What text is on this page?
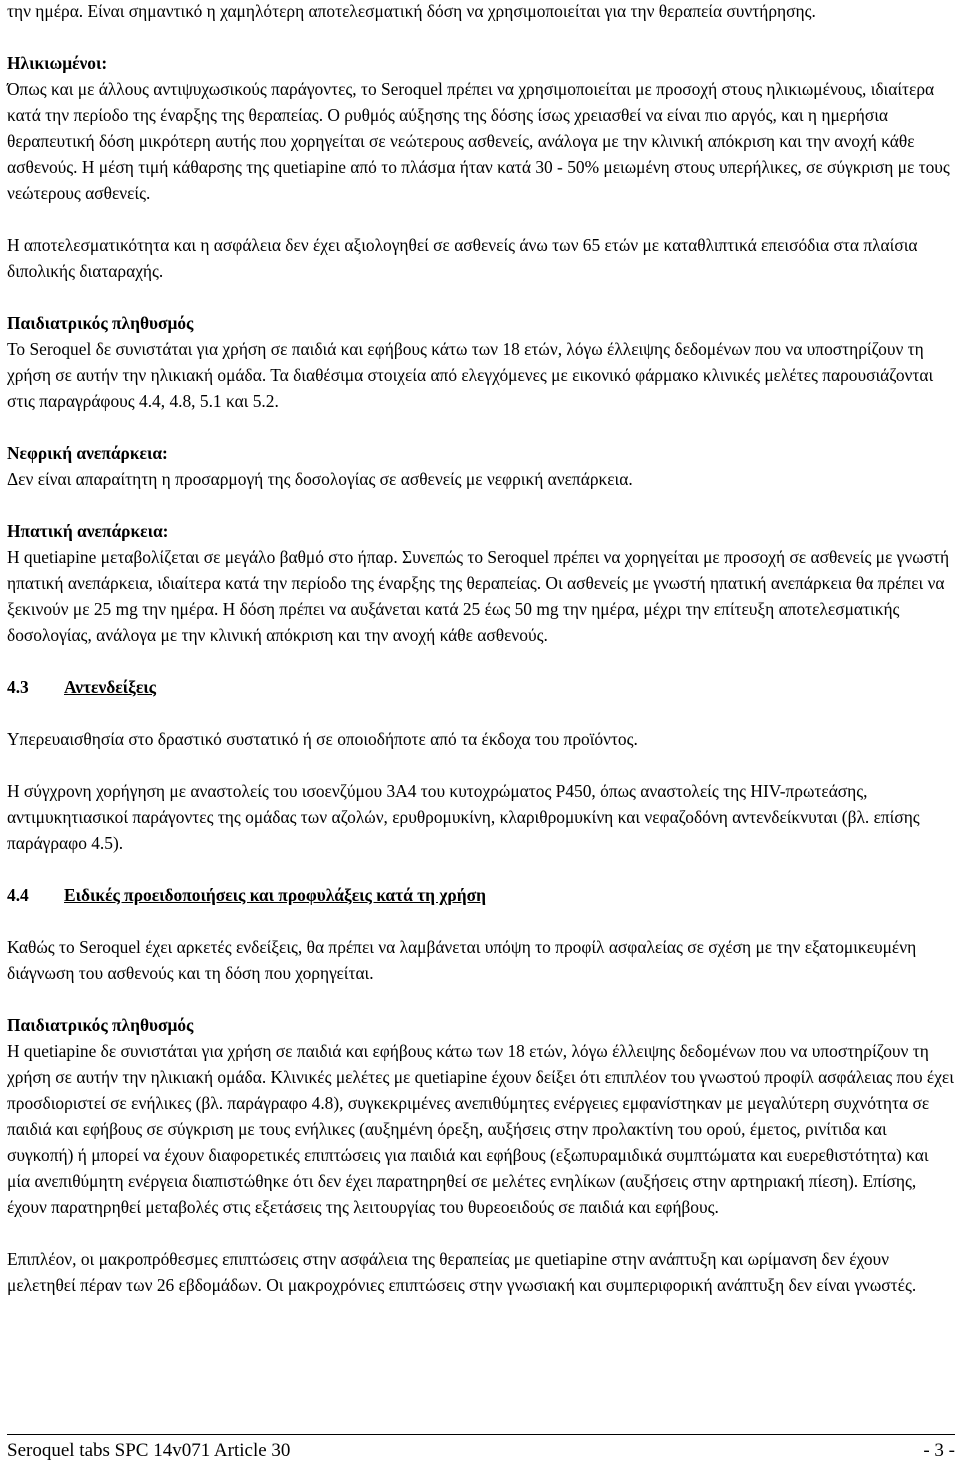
την ημέρα. Είναι σημαντικό η χαμηλότερη αποτελεσματική δόση να χρησιμοποιείται για την θεραπεία συντήρησης.

Ηλικιωμένοι:

Όπως και με άλλους αντιψυχωσικούς παράγοντες, το Seroquel πρέπει να χρησιμοποιείται με προσοχή στους ηλικιωμένους, ιδιαίτερα κατά την περίοδο της έναρξης της θεραπείας. Ο ρυθμός αύξησης της δόσης ίσως χρειασθεί να είναι πιο αργός, και η ημερήσια θεραπευτική δόση μικρότερη αυτής που χορηγείται σε νεώτερους ασθενείς, ανάλογα με την κλινική απόκριση και την ανοχή κάθε ασθενούς. Η μέση τιμή κάθαρσης της quetiapine από το πλάσμα ήταν κατά 30 - 50% μειωμένη στους υπερήλικες, σε σύγκριση με τους νεώτερους ασθενείς.

Η αποτελεσματικότητα και η ασφάλεια δεν έχει αξιολογηθεί σε ασθενείς άνω των 65 ετών με καταθλιπτικά επεισόδια στα πλαίσια διπολικής διαταραχής.

Παιδιατρικός πληθυσμός

Το Seroquel δε συνιστάται για χρήση σε παιδιά και εφήβους κάτω των 18 ετών, λόγω έλλειψης δεδομένων που να υποστηρίζουν τη χρήση σε αυτήν την ηλικιακή ομάδα. Τα διαθέσιμα στοιχεία από ελεγχόμενες με εικονικό φάρμακο κλινικές μελέτες παρουσιάζονται στις παραγράφους 4.4, 4.8, 5.1 και 5.2.

Νεφρική ανεπάρκεια:

Δεν είναι απαραίτητη η προσαρμογή της δοσολογίας σε ασθενείς με νεφρική ανεπάρκεια.

Ηπατική ανεπάρκεια:

Η quetiapine μεταβολίζεται σε μεγάλο βαθμό στο ήπαρ. Συνεπώς το Seroquel πρέπει να χορηγείται με προσοχή σε ασθενείς με γνωστή ηπατική ανεπάρκεια, ιδιαίτερα κατά την περίοδο της έναρξης της θεραπείας. Οι ασθενείς με γνωστή ηπατική ανεπάρκεια θα πρέπει να ξεκινούν με 25 mg την ημέρα. Η δόση πρέπει να αυξάνεται κατά 25 έως 50 mg την ημέρα, μέχρι την επίτευξη αποτελεσματικής δοσολογίας, ανάλογα με την κλινική απόκριση και την ανοχή κάθε ασθενούς.

4.3	Αντενδείξεις

Υπερευαισθησία στο δραστικό συστατικό ή σε οποιοδήποτε από τα έκδοχα του προϊόντος.

Η σύγχρονη χορήγηση με αναστολείς του ισοενζύμου 3Α4 του κυτοχρώματος P450, όπως αναστολείς της HIV-πρωτεάσης, αντιμυκητιασικοί παράγοντες της ομάδας των αζολών, ερυθρομυκίνη, κλαριθρομυκίνη και νεφαζοδόνη αντενδείκνυται (βλ. επίσης παράγραφο 4.5).

4.4	Ειδικές προειδοποιήσεις και προφυλάξεις κατά τη χρήση

Καθώς το Seroquel έχει αρκετές ενδείξεις, θα πρέπει να λαμβάνεται υπόψη το προφίλ ασφαλείας σε σχέση με την εξατομικευμένη διάγνωση του ασθενούς και τη δόση που χορηγείται.

Παιδιατρικός πληθυσμός

Η quetiapine δε συνιστάται για χρήση σε παιδιά και εφήβους κάτω των 18 ετών, λόγω έλλειψης δεδομένων που να υποστηρίζουν τη χρήση σε αυτήν την ηλικιακή ομάδα. Κλινικές μελέτες με quetiapine έχουν δείξει ότι επιπλέον του γνωστού προφίλ ασφάλειας που έχει προσδιοριστεί σε ενήλικες (βλ. παράγραφο 4.8), συγκεκριμένες ανεπιθύμητες ενέργειες εμφανίστηκαν με μεγαλύτερη συχνότητα σε παιδιά και εφήβους σε σύγκριση με τους ενήλικες (αυξημένη όρεξη, αυξήσεις στην προλακτίνη του ορού, έμετος, ρινίτιδα και συγκοπή) ή μπορεί να έχουν διαφορετικές επιπτώσεις για παιδιά και εφήβους (εξωπυραμιδικά συμπτώματα και ευερεθιστότητα) και μία ανεπιθύμητη ενέργεια διαπιστώθηκε ότι δεν έχει παρατηρηθεί σε μελέτες ενηλίκων (αυξήσεις στην αρτηριακή πίεση). Επίσης, έχουν παρατηρηθεί μεταβολές στις εξετάσεις της λειτουργίας του θυρεοειδούς σε παιδιά και εφήβους.

Επιπλέον, οι μακροπρόθεσμες επιπτώσεις στην ασφάλεια της θεραπείας με quetiapine στην ανάπτυξη και ωρίμανση δεν έχουν μελετηθεί πέραν των 26 εβδομάδων. Οι μακροχρόνιες επιπτώσεις στην γνωσιακή και συμπεριφορική ανάπτυξη δεν είναι γνωστές.

Seroquel tabs SPC 14v071 Article 30	- 3 -
